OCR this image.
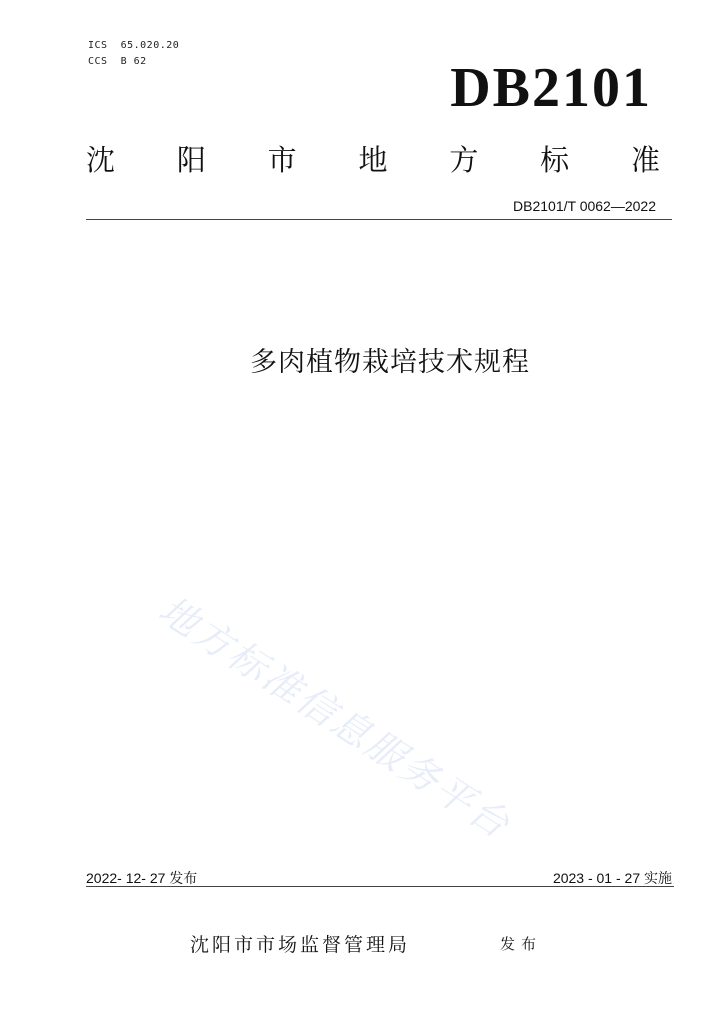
ICS  65.020.20
CCS  B 62	DB2101
沈 阳 市 地 方 标 准
DB2101/T 0062—2022
多肉植物栽培技术规程
地方标准信息服务平台
2022- 12- 27 发布	2023 - 01 - 27 实施
沈阳市市场监督管理局	发布
